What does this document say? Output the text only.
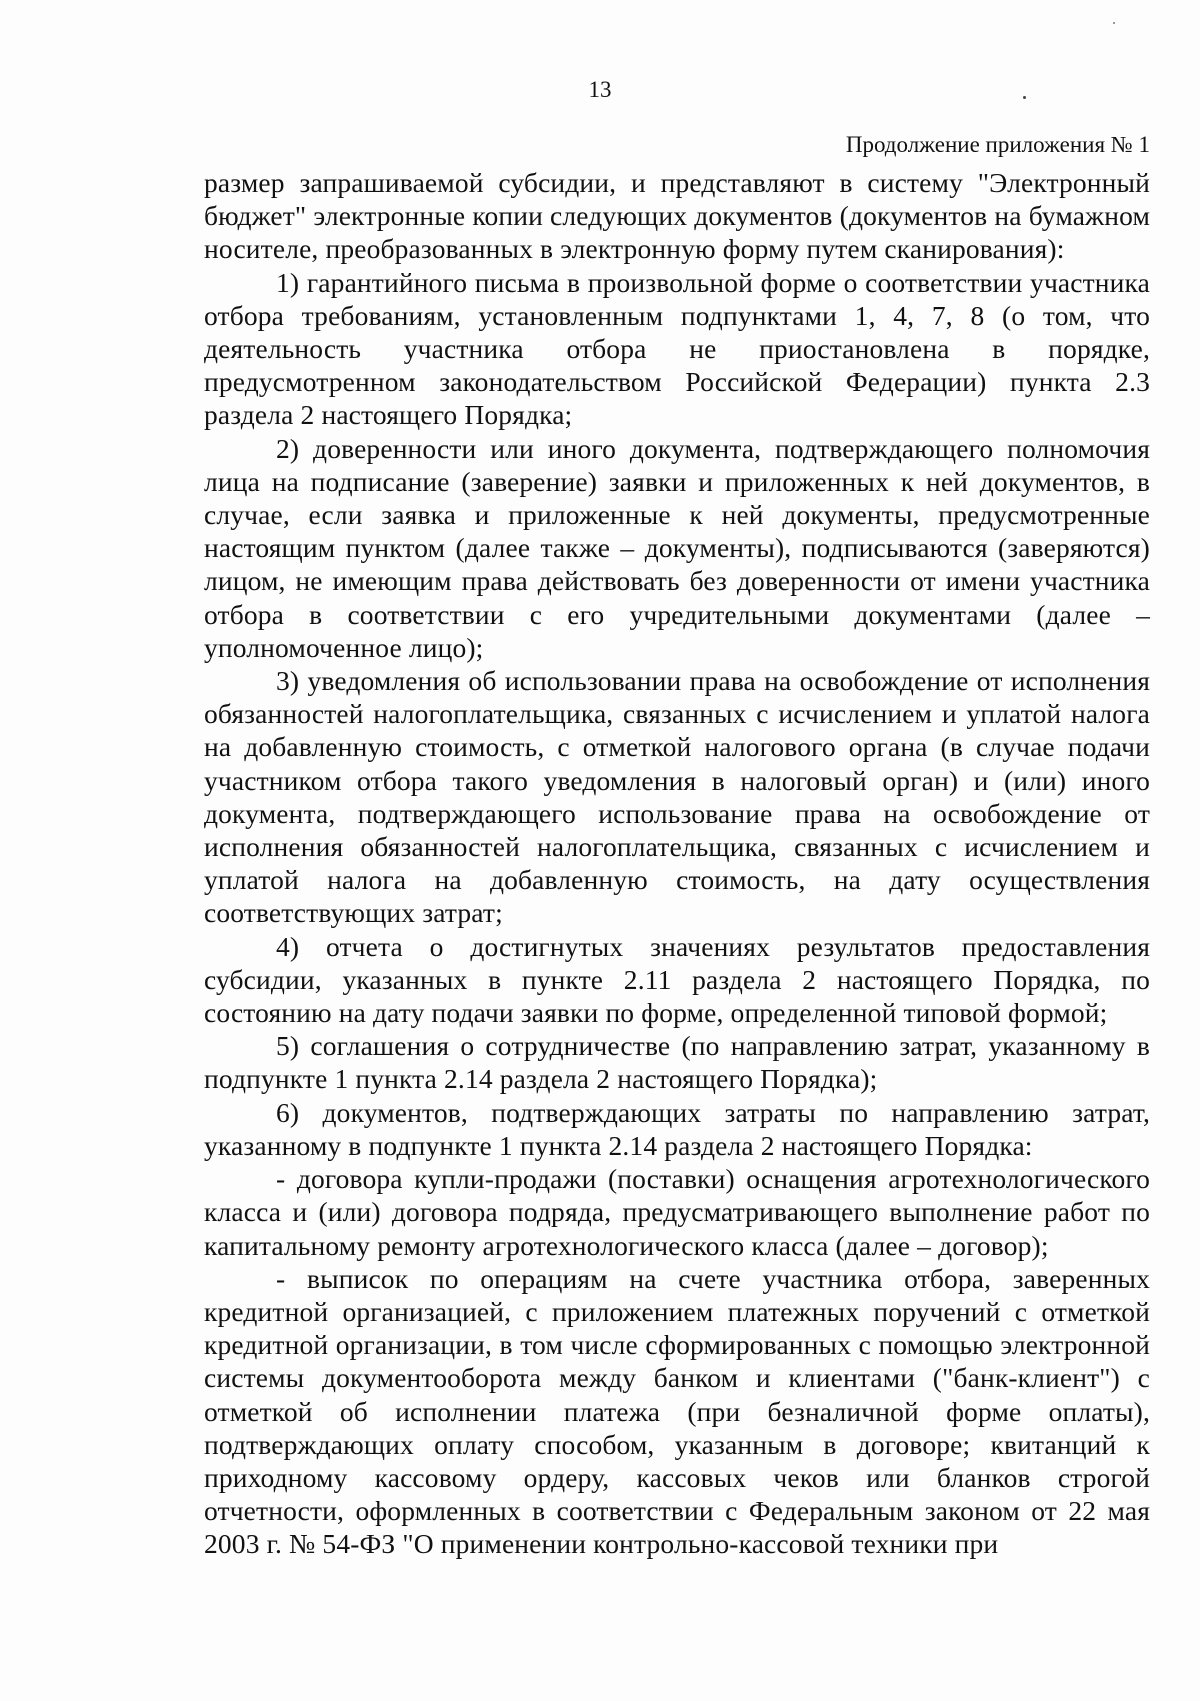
13
Продолжение приложения № 1

размер запрашиваемой субсидии, и представляют в систему "Электронный бюджет" электронные копии следующих документов (документов на бумажном носителе, преобразованных в электронную форму путем сканирования):

1) гарантийного письма в произвольной форме о соответствии участника отбора требованиям, установленным подпунктами 1, 4, 7, 8 (о том, что деятельность участника отбора не приостановлена в порядке, предусмотренном законодательством Российской Федерации) пункта 2.3 раздела 2 настоящего Порядка;

2) доверенности или иного документа, подтверждающего полномочия лица на подписание (заверение) заявки и приложенных к ней документов, в случае, если заявка и приложенные к ней документы, предусмотренные настоящим пунктом (далее также – документы), подписываются (заверяются) лицом, не имеющим права действовать без доверенности от имени участника отбора в соответствии с его учредительными документами (далее – уполномоченное лицо);

3) уведомления об использовании права на освобождение от исполнения обязанностей налогоплательщика, связанных с исчислением и уплатой налога на добавленную стоимость, с отметкой налогового органа (в случае подачи участником отбора такого уведомления в налоговый орган) и (или) иного документа, подтверждающего использование права на освобождение от исполнения обязанностей налогоплательщика, связанных с исчислением и уплатой налога на добавленную стоимость, на дату осуществления соответствующих затрат;

4) отчета о достигнутых значениях результатов предоставления субсидии, указанных в пункте 2.11 раздела 2 настоящего Порядка, по состоянию на дату подачи заявки по форме, определенной типовой формой;

5) соглашения о сотрудничестве (по направлению затрат, указанному в подпункте 1 пункта 2.14 раздела 2 настоящего Порядка);

6) документов, подтверждающих затраты по направлению затрат, указанному в подпункте 1 пункта 2.14 раздела 2 настоящего Порядка:

- договора купли-продажи (поставки) оснащения агротехнологического класса и (или) договора подряда, предусматривающего выполнение работ по капитальному ремонту агротехнологического класса (далее – договор);

- выписок по операциям на счете участника отбора, заверенных кредитной организацией, с приложением платежных поручений с отметкой кредитной организации, в том числе сформированных с помощью электронной системы документооборота между банком и клиентами ("банк-клиент") с отметкой об исполнении платежа (при безналичной форме оплаты), подтверждающих оплату способом, указанным в договоре; квитанций к приходному кассовому ордеру, кассовых чеков или бланков строгой отчетности, оформленных в соответствии с Федеральным законом от 22 мая 2003 г. № 54-ФЗ "О применении контрольно-кассовой техники при
